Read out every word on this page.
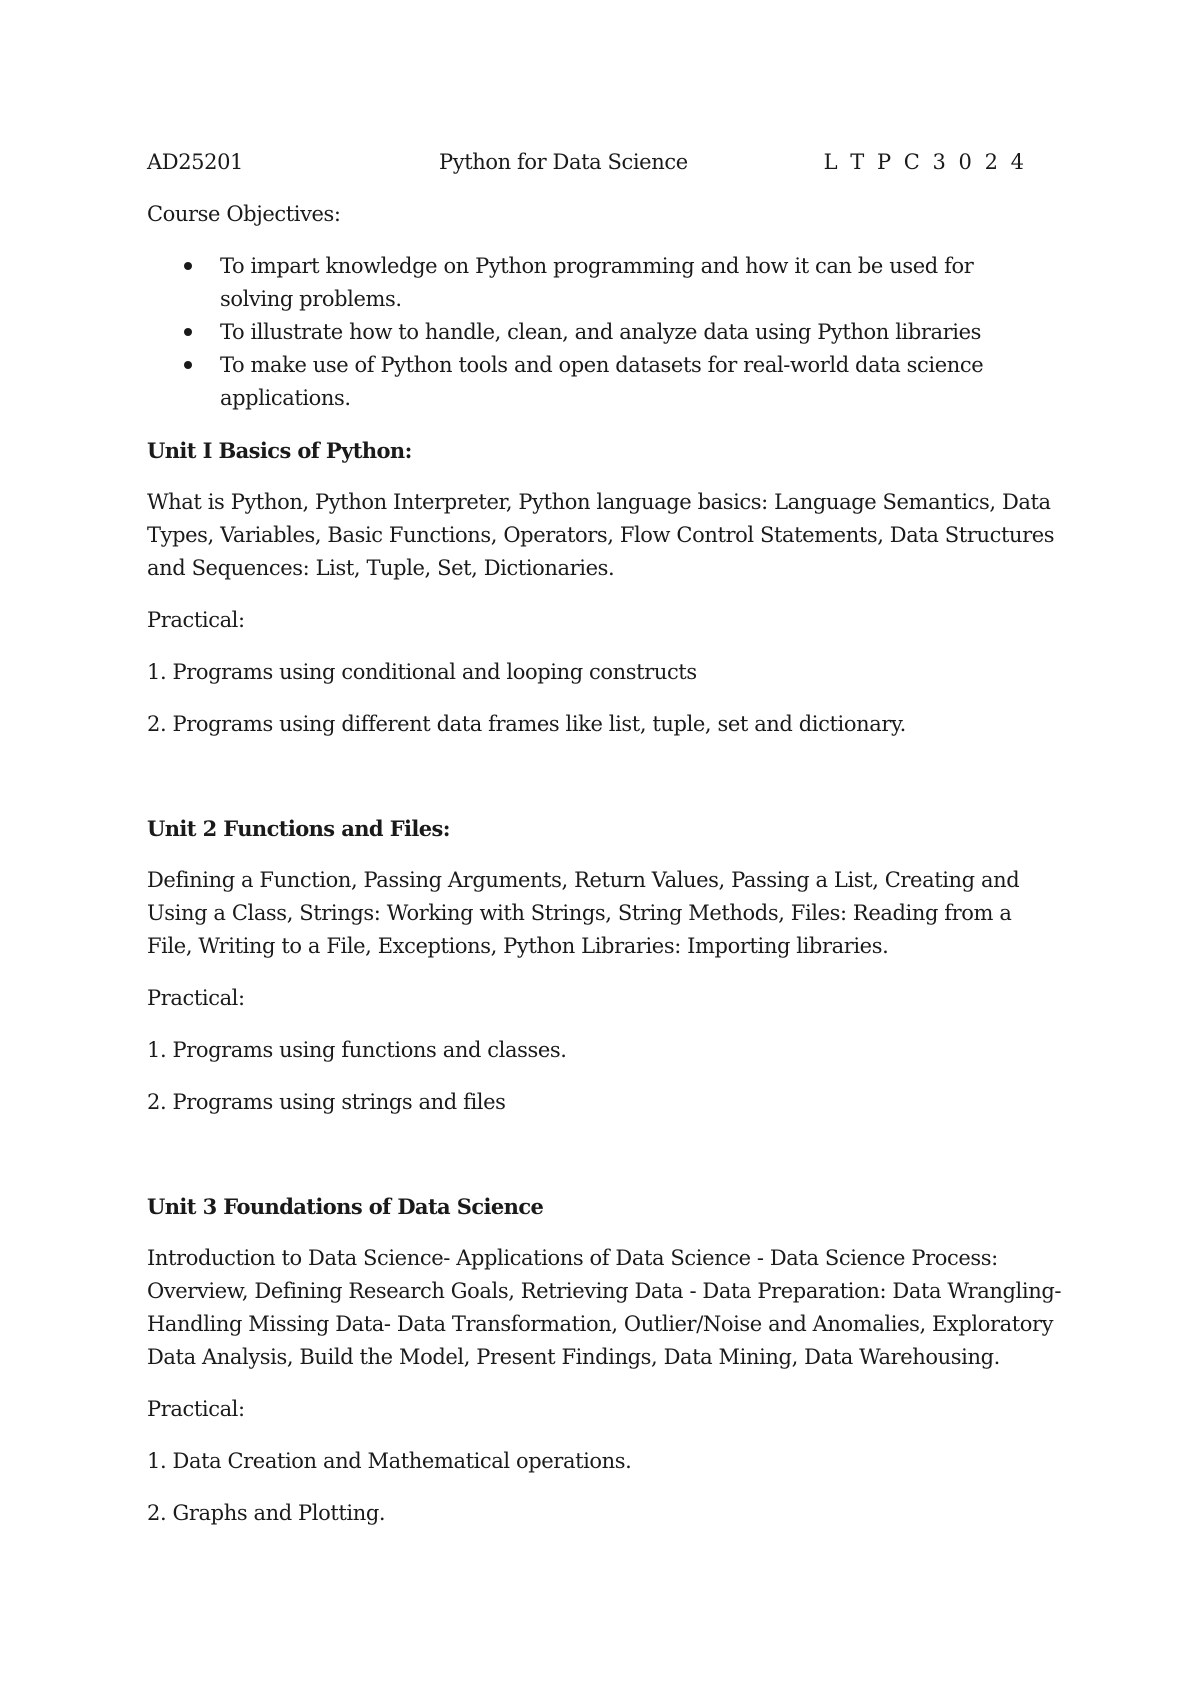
AD25201	Python for Data Science	L T P C 3 0 2 4

Course Objectives:

To impart knowledge on Python programming and how it can be used for solving problems.
To illustrate how to handle, clean, and analyze data using Python libraries
To make use of Python tools and open datasets for real-world data science applications.

Unit I Basics of Python:

What is Python, Python Interpreter, Python language basics: Language Semantics, Data Types, Variables, Basic Functions, Operators, Flow Control Statements, Data Structures and Sequences: List, Tuple, Set, Dictionaries.

Practical:

1. Programs using conditional and looping constructs

2. Programs using different data frames like list, tuple, set and dictionary.

Unit 2 Functions and Files:

Defining a Function, Passing Arguments, Return Values, Passing a List, Creating and Using a Class, Strings: Working with Strings, String Methods, Files: Reading from a File, Writing to a File, Exceptions, Python Libraries: Importing libraries.

Practical:

1. Programs using functions and classes.

2. Programs using strings and files

Unit 3 Foundations of Data Science

Introduction to Data Science- Applications of Data Science - Data Science Process: Overview, Defining Research Goals, Retrieving Data - Data Preparation: Data Wrangling- Handling Missing Data- Data Transformation, Outlier/Noise and Anomalies, Exploratory Data Analysis, Build the Model, Present Findings, Data Mining, Data Warehousing.

Practical:

1. Data Creation and Mathematical operations.

2. Graphs and Plotting.
